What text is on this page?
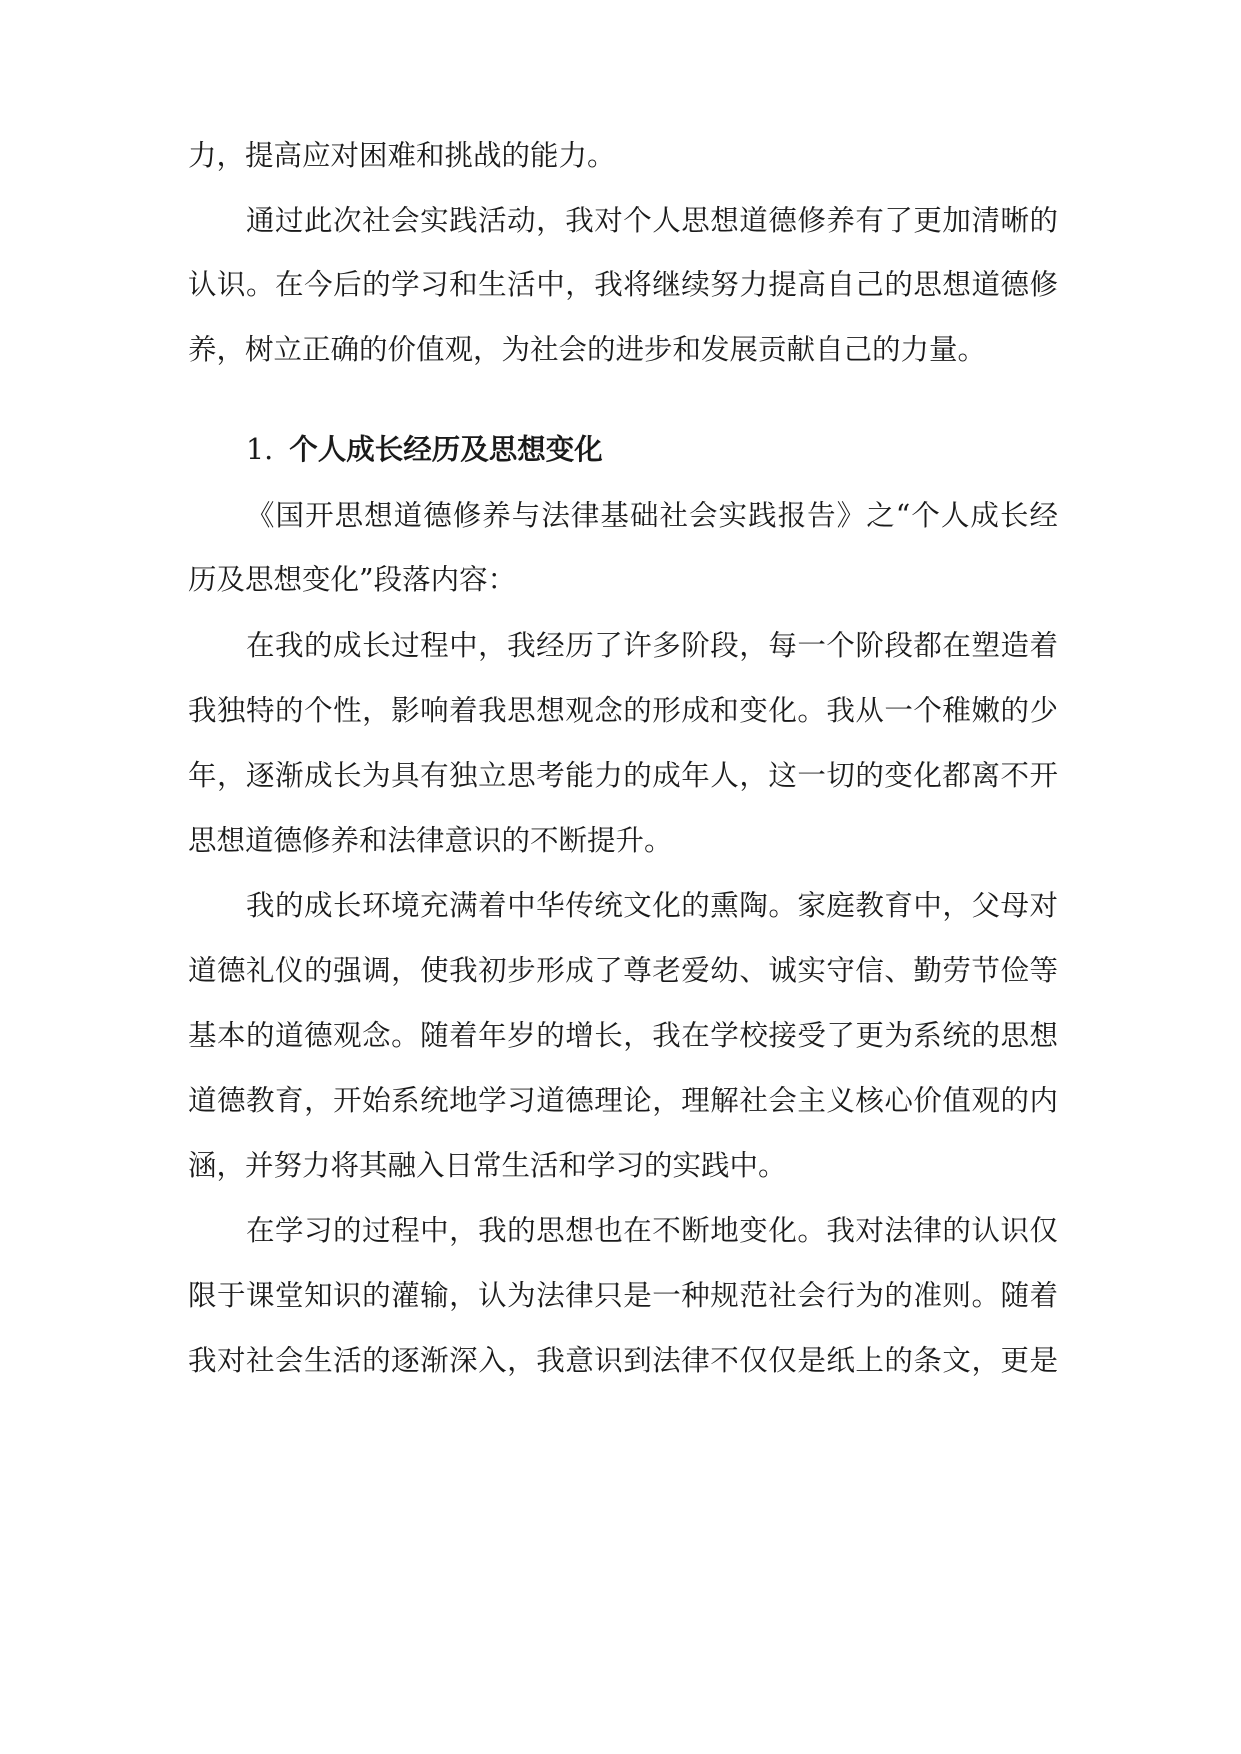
力，提高应对困难和挑战的能力。
通过此次社会实践活动，我对个人思想道德修养有了更加清晰的
认识。在今后的学习和生活中，我将继续努力提高自己的思想道德修
养，树立正确的价值观，为社会的进步和发展贡献自己的力量。
1. 个人成长经历及思想变化
《国开思想道德修养与法律基础社会实践报告》之“个人成长经
历及思想变化”段落内容：
在我的成长过程中，我经历了许多阶段，每一个阶段都在塑造着
我独特的个性，影响着我思想观念的形成和变化。我从一个稚嫩的少
年，逐渐成长为具有独立思考能力的成年人，这一切的变化都离不开
思想道德修养和法律意识的不断提升。
我的成长环境充满着中华传统文化的熏陶。家庭教育中，父母对
道德礼仪的强调，使我初步形成了尊老爱幼、诚实守信、勤劳节俭等
基本的道德观念。随着年岁的增长，我在学校接受了更为系统的思想
道德教育，开始系统地学习道德理论，理解社会主义核心价值观的内
涵，并努力将其融入日常生活和学习的实践中。
在学习的过程中，我的思想也在不断地变化。我对法律的认识仅
限于课堂知识的灌输，认为法律只是一种规范社会行为的准则。随着
我对社会生活的逐渐深入，我意识到法律不仅仅是纸上的条文，更是
